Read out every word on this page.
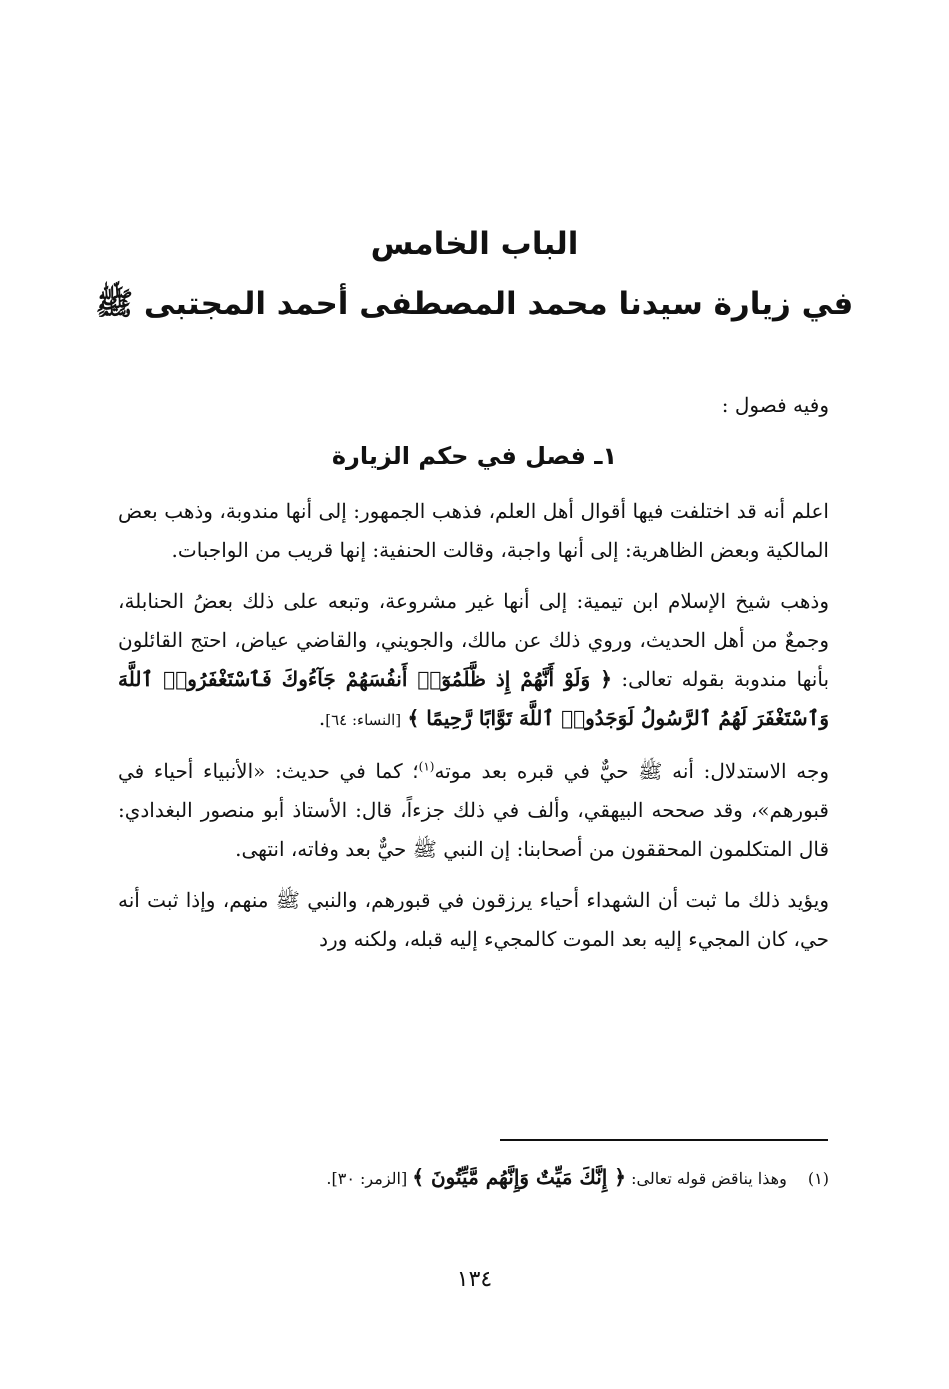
الباب الخامس
في زيارة سيدنا محمد المصطفى أحمد المجتبى ﷺ
وفيه فصول :
١ـ فصل في حكم الزيارة

اعلم أنه قد اختلفت فيها أقوال أهل العلم، فذهب الجمهور: إلى أنها مندوبة، وذهب بعض المالكية وبعض الظاهرية: إلى أنها واجبة، وقالت الحنفية: إنها قريب من الواجبات.

وذهب شيخ الإسلام ابن تيمية: إلى أنها غير مشروعة، وتبعه على ذلك بعضُ الحنابلة، وجمعٌ من أهل الحديث، وروي ذلك عن مالك، والجويني، والقاضي عياض، احتج القائلون بأنها مندوبة بقوله تعالى: ﴿ وَلَوْ أَنَّهُمْ إِذ ظَّلَمُوٓا۟ أَنفُسَهُمْ جَآءُوكَ فَٱسْتَغْفَرُوا۟ ٱللَّهَ وَٱسْتَغْفَرَ لَهُمُ ٱلرَّسُولُ لَوَجَدُوا۟ ٱللَّهَ تَوَّابًا رَّحِيمًا ﴾ [النساء: ٦٤].

وجه الاستدلال: أنه ﷺ حيٌّ في قبره بعد موته$^{(١)}$؛ كما في حديث: «الأنبياء أحياء في قبورهم»، وقد صححه البيهقي، وألف في ذلك جزءاً، قال: الأستاذ أبو منصور البغدادي: قال المتكلمون المحققون من أصحابنا: إن النبي ﷺ حيٌّ بعد وفاته، انتهى.

ويؤيد ذلك ما ثبت أن الشهداء أحياء يرزقون في قبورهم، والنبي ﷺ منهم، وإذا ثبت أنه حي، كان المجيء إليه بعد الموت كالمجيء إليه قبله، ولكنه ورد

(١) وهذا يناقض قوله تعالى: ﴿ إِنَّكَ مَيِّتٌ وَإِنَّهُم مَّيِّتُونَ ﴾ [الزمر: ٣٠].
١٣٤
